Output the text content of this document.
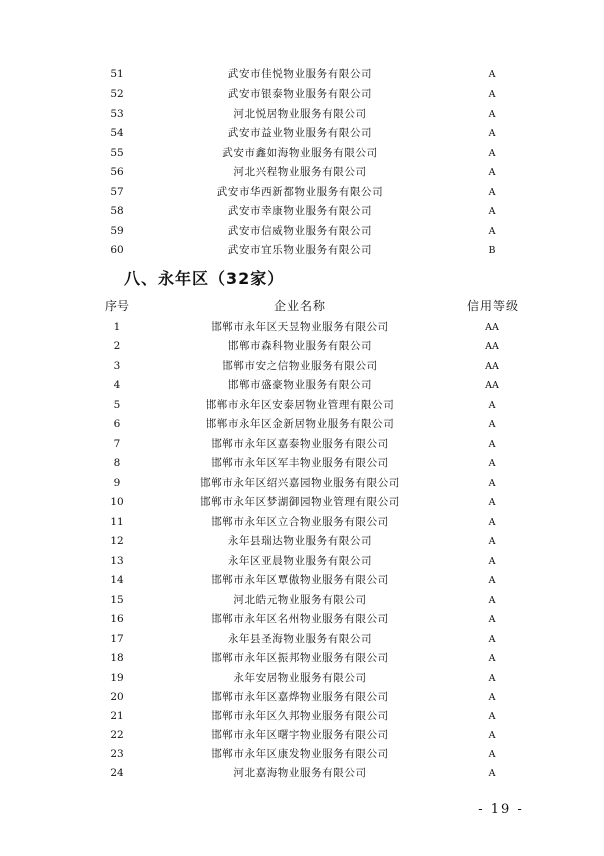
51	武安市佳悦物业服务有限公司	A
52	武安市银泰物业服务有限公司	A
53	河北悦居物业服务有限公司	A
54	武安市益业物业服务有限公司	A
55	武安市鑫如海物业服务有限公司	A
56	河北兴程物业服务有限公司	A
57	武安市华西新都物业服务有限公司	A
58	武安市幸康物业服务有限公司	A
59	武安市信威物业服务有限公司	A
60	武安市宜乐物业服务有限公司	B
八、永年区（32家）
序号	企业名称	信用等级
1	邯郸市永年区天昱物业服务有限公司	AA
2	邯郸市森科物业服务有限公司	AA
3	邯郸市安之信物业服务有限公司	AA
4	邯郸市盛豪物业服务有限公司	AA
5	邯郸市永年区安泰居物业管理有限公司	A
6	邯郸市永年区金新居物业服务有限公司	A
7	邯郸市永年区嘉泰物业服务有限公司	A
8	邯郸市永年区军丰物业服务有限公司	A
9	邯郸市永年区绍兴嘉园物业服务有限公司	A
10	邯郸市永年区梦湖御园物业管理有限公司	A
11	邯郸市永年区立合物业服务有限公司	A
12	永年县瑞达物业服务有限公司	A
13	永年区亚晨物业服务有限公司	A
14	邯郸市永年区覃傲物业服务有限公司	A
15	河北皓元物业服务有限公司	A
16	邯郸市永年区名州物业服务有限公司	A
17	永年县圣海物业服务有限公司	A
18	邯郸市永年区振邦物业服务有限公司	A
19	永年安居物业服务有限公司	A
20	邯郸市永年区嘉烨物业服务有限公司	A
21	邯郸市永年区久邦物业服务有限公司	A
22	邯郸市永年区曙宇物业服务有限公司	A
23	邯郸市永年区康发物业服务有限公司	A
24	河北嘉海物业服务有限公司	A
- 19 -
